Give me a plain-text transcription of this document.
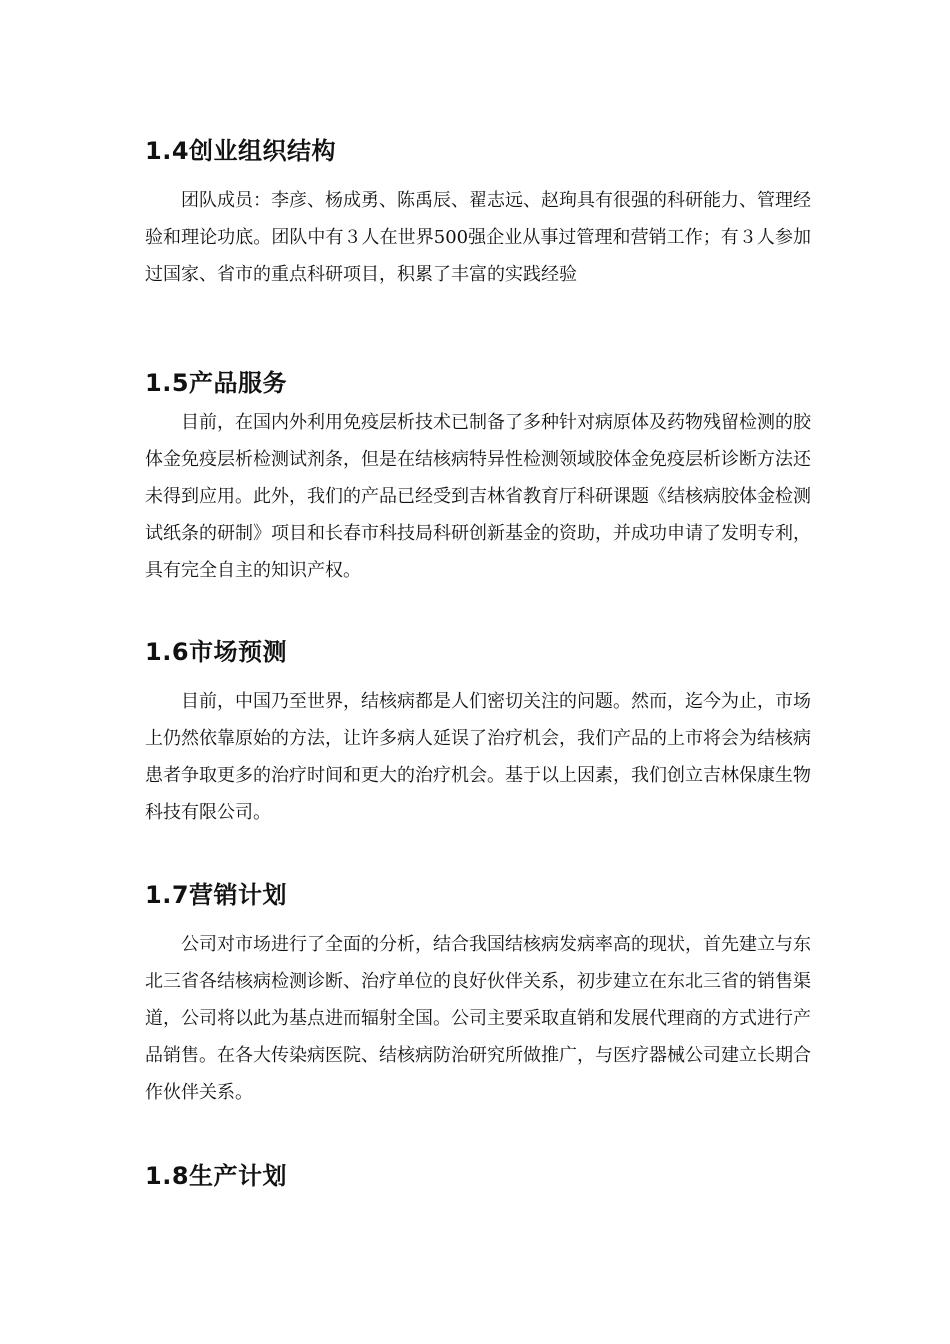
1.4创业组织结构

团队成员：李彦、杨成勇、陈禹辰、翟志远、赵珣具有很强的科研能力、管理经验和理论功底。团队中有３人在世界500强企业从事过管理和营销工作；有３人参加过国家、省市的重点科研项目，积累了丰富的实践经验

1.5产品服务

目前，在国内外利用免疫层析技术已制备了多种针对病原体及药物残留检测的胶体金免疫层析检测试剂条，但是在结核病特异性检测领域胶体金免疫层析诊断方法还未得到应用。此外，我们的产品已经受到吉林省教育厅科研课题《结核病胶体金检测试纸条的研制》项目和长春市科技局科研创新基金的资助，并成功申请了发明专利，具有完全自主的知识产权。

1.6市场预测

目前，中国乃至世界，结核病都是人们密切关注的问题。然而，迄今为止，市场上仍然依靠原始的方法，让许多病人延误了治疗机会，我们产品的上市将会为结核病患者争取更多的治疗时间和更大的治疗机会。基于以上因素，我们创立吉林保康生物科技有限公司。

1.7营销计划

公司对市场进行了全面的分析，结合我国结核病发病率高的现状，首先建立与东北三省各结核病检测诊断、治疗单位的良好伙伴关系，初步建立在东北三省的销售渠道，公司将以此为基点进而辐射全国。公司主要采取直销和发展代理商的方式进行产品销售。在各大传染病医院、结核病防治研究所做推广，与医疗器械公司建立长期合作伙伴关系。

1.8生产计划
